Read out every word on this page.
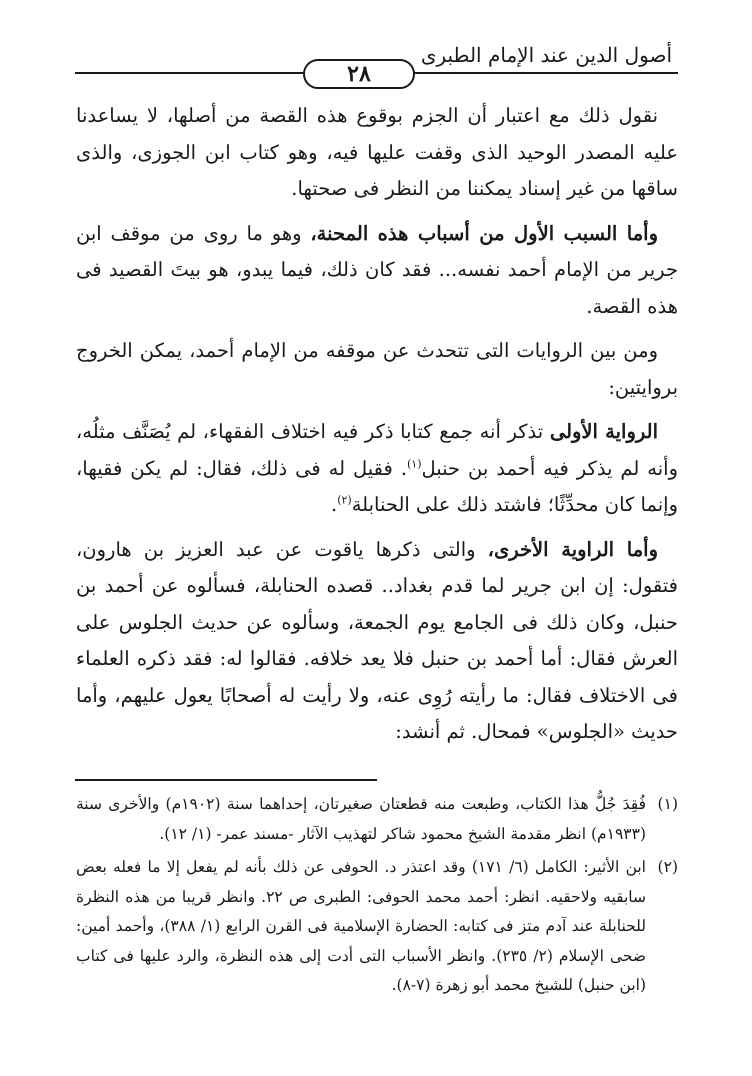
أصول الدين عند الإمام الطبرى
٢٨

نقول ذلك مع اعتبار أن الجزم بوقوع هذه القصة من أصلها، لا يساعدنا عليه المصدر الوحيد الذى وقفت عليها فيه، وهو كتاب ابن الجوزى، والذى ساقها من غير إسناد يمكننا من النظر فى صحتها.

وأما السبب الأول من أسباب هذه المحنة، وهو ما روى من موقف ابن جرير من الإمام أحمد نفسه... فقد كان ذلك، فيما يبدو، هو بيتَ القصيد فى هذه القصة.

ومن بين الروايات التى تتحدث عن موقفه من الإمام أحمد، يمكن الخروج بروايتين:

الرواية الأولى تذكر أنه جمع كتابا ذكر فيه اختلاف الفقهاء، لم يُصَنَّف مثلُه، وأنه لم يذكر فيه أحمد بن حنبل$^{(١)}$. فقيل له فى ذلك، فقال: لم يكن فقيها، وإنما كان محدِّثًا؛ فاشتد ذلك على الحنابلة$^{(٢)}$.

وأما الراوية الأخرى، والتى ذكرها ياقوت عن عبد العزيز بن هارون، فتقول: إن ابن جرير لما قدم بغداد.. قصده الحنابلة، فسألوه عن أحمد بن حنبل، وكان ذلك فى الجامع يوم الجمعة، وسألوه عن حديث الجلوس على العرش فقال: أما أحمد بن حنبل فلا يعد خلافه. فقالوا له: فقد ذكره العلماء فى الاختلاف فقال: ما رأيته رُوِى عنه، ولا رأيت له أصحابًا يعول عليهم، وأما حديث «الجلوس» فمحال. ثم أنشد:

(١)
فُقِدَ جُلُّ هذا الكتاب، وطبعت منه قطعتان صغيرتان، إحداهما سنة (١٩٠٢م) والأخرى سنة (١٩٣٣م) انظر مقدمة الشيخ محمود شاكر لتهذيب الآثار -مسند عمر- (١/ ١٢).
(٢)
ابن الأثير: الكامل (٦/ ١٧١) وقد اعتذر د. الحوفى عن ذلك بأنه لم يفعل إلا ما فعله بعض سابقيه ولاحقيه. انظر: أحمد محمد الحوفى: الطبرى ص ٢٢. وانظر قريبا من هذه النظرة للحنابلة عند آدم متز فى كتابه: الحضارة الإسلامية فى القرن الرابع (١/ ٣٨٨)، وأحمد أمين: ضحى الإسلام (٢/ ٢٣٥). وانظر الأسباب التى أدت إلى هذه النظرة، والرد عليها فى كتاب (ابن حنبل) للشيخ محمد أبو زهرة (٧-٨).
